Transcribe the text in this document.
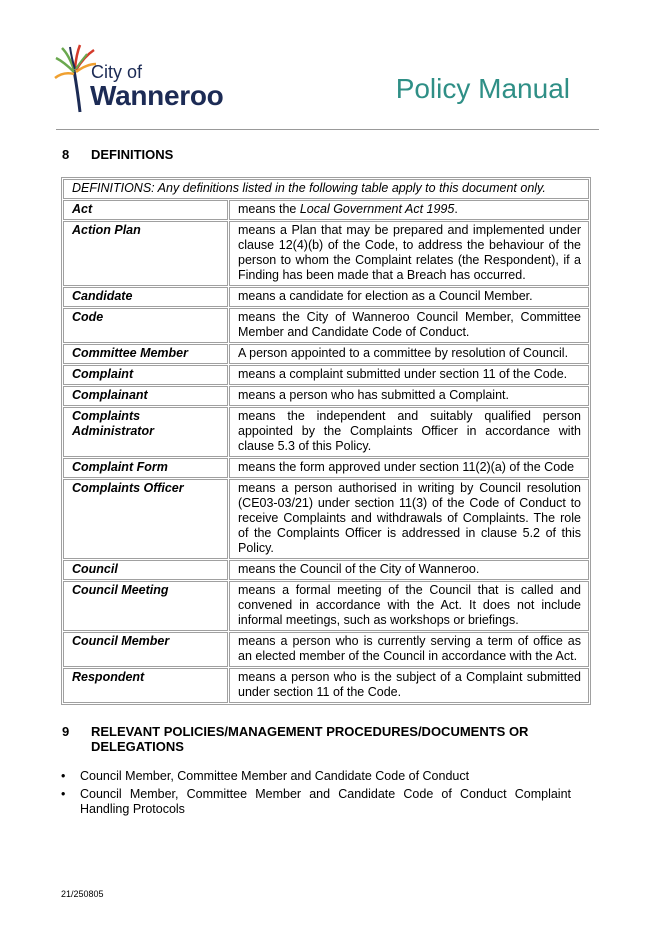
City of
Wanneroo	Policy Manual
8 DEFINITIONS
DEFINITIONS: Any definitions listed in the following table apply to this document only.	
Act	means the Local Government Act 1995.
Action Plan	means a Plan that may be prepared and implemented under clause 12(4)(b) of the Code, to address the behaviour of the person to whom the Complaint relates (the Respondent), if a Finding has been made that a Breach has occurred.
Candidate	means a candidate for election as a Council Member.
Code	means the City of Wanneroo Council Member, Committee Member and Candidate Code of Conduct.
Committee Member	A person appointed to a committee by resolution of Council.
Complaint	means a complaint submitted under section 11 of the Code.
Complainant	means a person who has submitted a Complaint.
Complaints Administrator	means the independent and suitably qualified person appointed by the Complaints Officer in accordance with clause 5.3 of this Policy.
Complaint Form	means the form approved under section 11(2)(a) of the Code
Complaints Officer	means a person authorised in writing by Council resolution (CE03-03/21) under section 11(3) of the Code of Conduct to receive Complaints and withdrawals of Complaints. The role of the Complaints Officer is addressed in clause 5.2 of this Policy.
Council	means the Council of the City of Wanneroo.
Council Meeting	means a formal meeting of the Council that is called and convened in accordance with the Act. It does not include informal meetings, such as workshops or briefings.
Council Member	means a person who is currently serving a term of office as an elected member of the Council in accordance with the Act.
Respondent	means a person who is the subject of a Complaint submitted under section 11 of the Code.
9 RELEVANT POLICIES/MANAGEMENT PROCEDURES/DOCUMENTS OR DELEGATIONS
• Council Member, Committee Member and Candidate Code of Conduct
• Council Member, Committee Member and Candidate Code of Conduct Complaint Handling Protocols
21/250805
